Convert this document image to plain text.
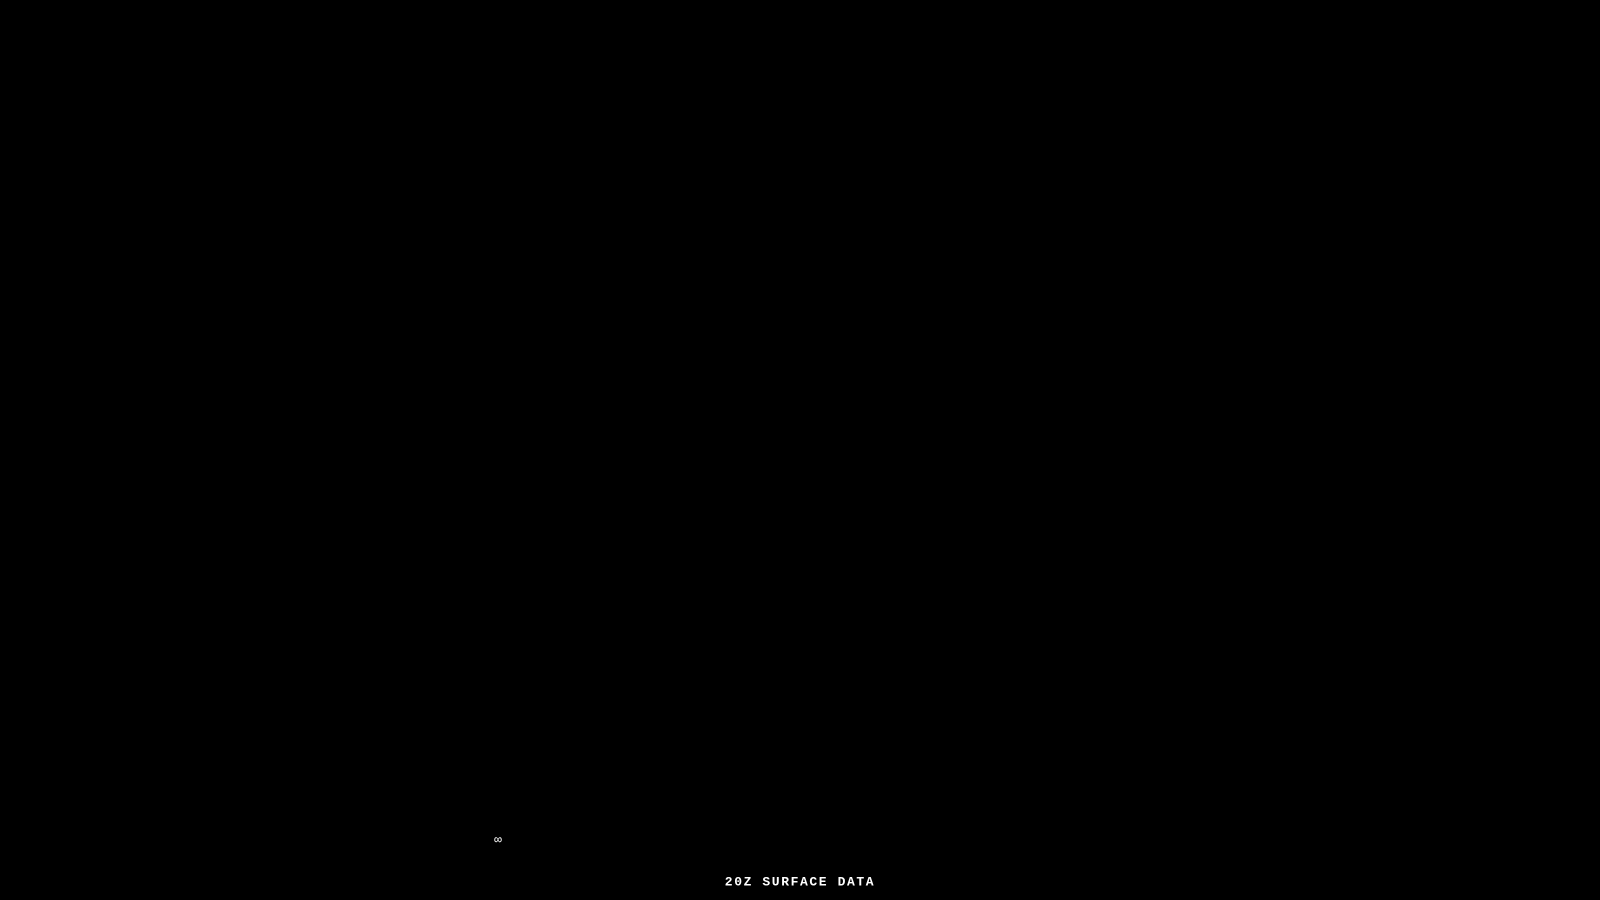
∞
20Z SURFACE DATA
